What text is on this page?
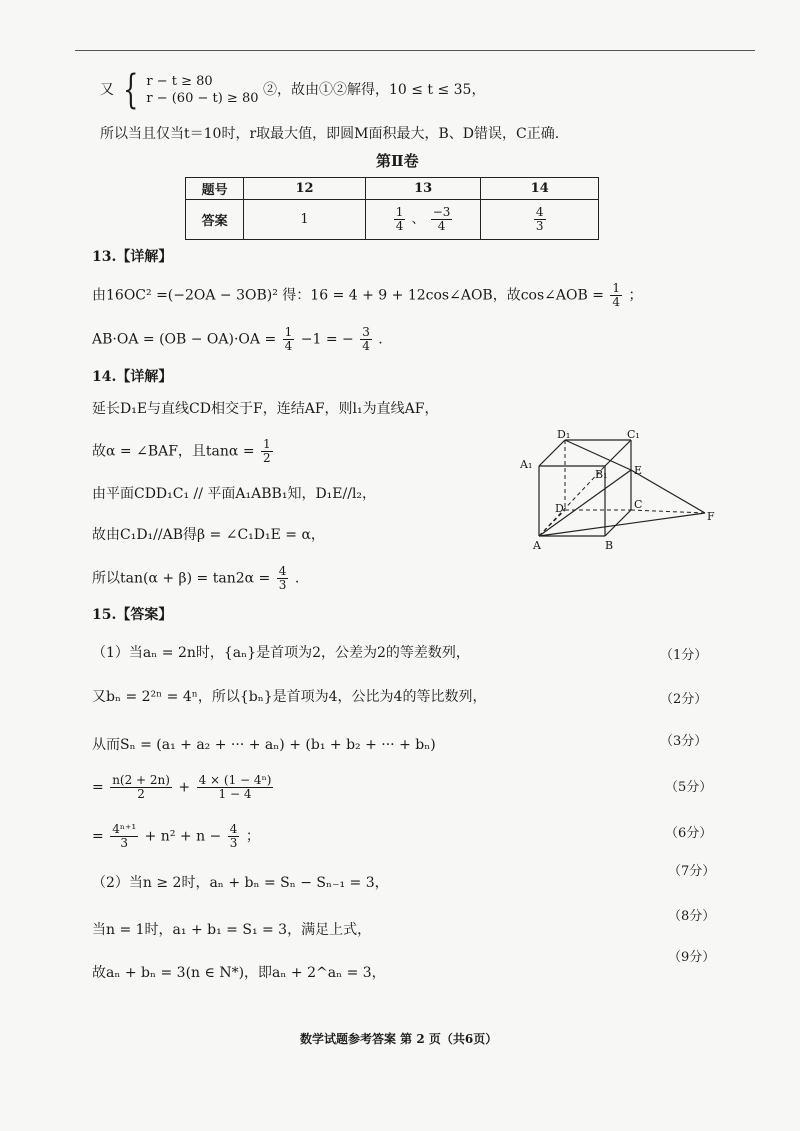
又 { r − t ≥ 80
r − (60 − t) ≥ 80
②，故由①②解得，10 ≤ t ≤ 35，
所以当且仅当t＝10时，r取最大值，即圆M面积最大，B、D错误，C正确.
第Ⅱ卷
题号	12	13	14
答案	1	$\frac{1}{4}$ 、 $\frac{-3}{4}$	$\frac{4}{3}$
13.【详解】
由16OC² =(−2OA − 3OB)² 得：16 = 4 + 9 + 12cos∠AOB，故cos∠AOB = $\frac{1}{4}$ ；
$AB\cdot OA = (OB - OA)\cdot OA = \frac{1}{4} -1$ = − $\frac{3}{4}$ .
14.【详解】
延长D₁E与直线CD相交于F，连结AF，则l₁为直线AF，
故α = ∠BAF，且$\tan\alpha = \frac{1}{2}$
由平面CDD₁C₁ // 平面A₁ABB₁知，D₁E//l₂，
故由C₁D₁//AB得β = ∠C₁D₁E = α，
所以$\tan(\alpha + \beta) = \tan 2\alpha = \frac{4}{3}$ .
D₁	C₁
A₁
B₁ E
D	C
A	B
F
15.【答案】
（1）当aₙ = 2n时，{aₙ}是首项为2，公差为2的等差数列，	（1分）
又bₙ = 2²ⁿ = 4ⁿ，所以{bₙ}是首项为4，公比为4的等比数列，	（2分）
从而Sₙ = (a₁ + a₂ + ··· + aₙ) + (b₁ + b₂ + ··· + bₙ)	（3分）
= $\frac{n(2 + 2n)}{2} + \frac{\text{4 × (1 − 4ⁿ)}}{1 - 4}$	（5分）
= $\frac{\text{4ⁿ⁺¹}}{3} + n^2 + n - \frac{4}{3}$ ；	（6分）
（7分）
（2）当n ≥ 2时，aₙ + bₙ = Sₙ − Sₙ₋₁ = 3，
（8分）
当n = 1时，a₁ + b₁ = S₁ = 3，满足上式，
（9分）
故aₙ + bₙ = 3(n ∈ N*)，即aₙ + 2^aₙ = 3，
数学试题参考答案 第 2 页（共6页）
